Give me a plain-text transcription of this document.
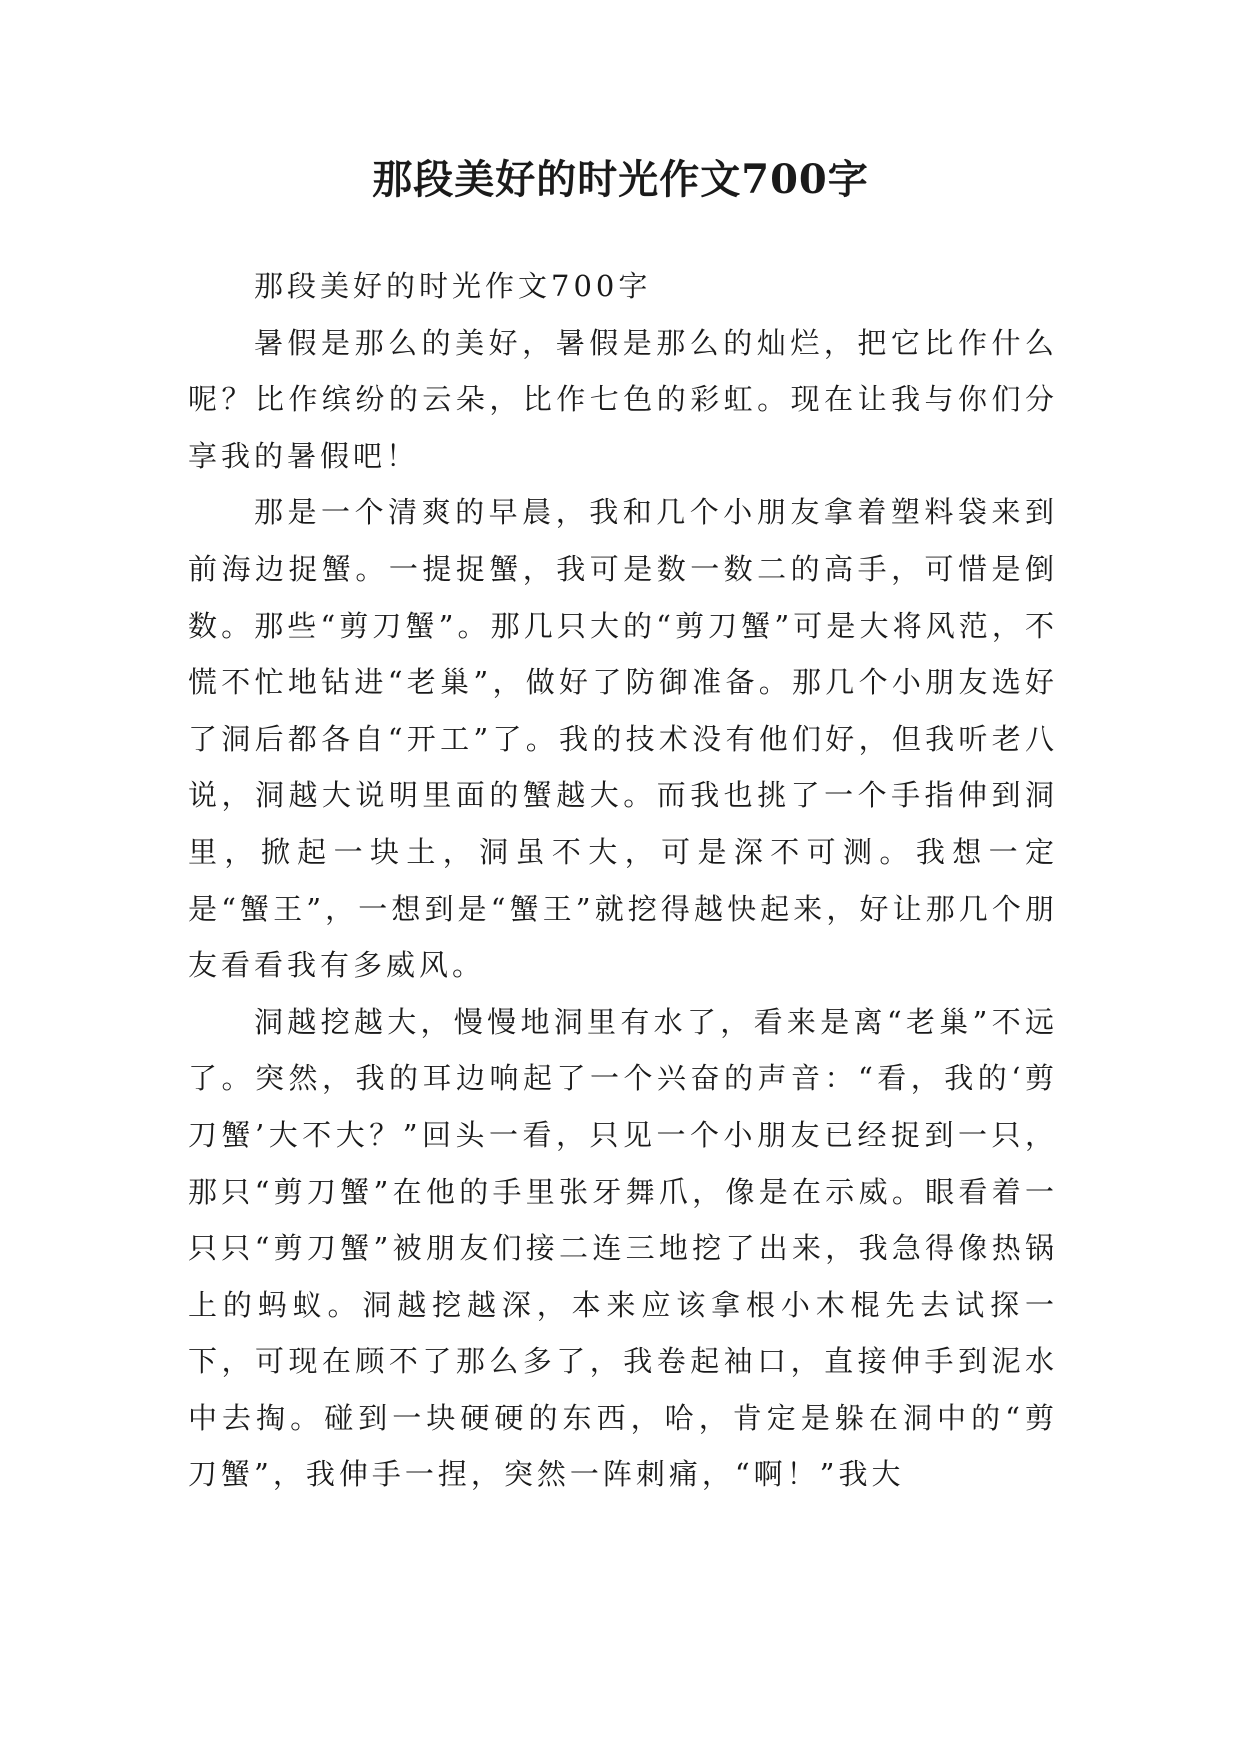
那段美好的时光作文700字

那段美好的时光作文700字

暑假是那么的美好，暑假是那么的灿烂，把它比作什么呢？比作缤纷的云朵，比作七色的彩虹。现在让我与你们分享我的暑假吧！

那是一个清爽的早晨，我和几个小朋友拿着塑料袋来到前海边捉蟹。一提捉蟹，我可是数一数二的高手，可惜是倒数。那些“剪刀蟹”。那几只大的“剪刀蟹”可是大将风范，不慌不忙地钻进“老巢”，做好了防御准备。那几个小朋友选好了洞后都各自“开工”了。我的技术没有他们好，但我听老八说，洞越大说明里面的蟹越大。而我也挑了一个手指伸到洞里，掀起一块土，洞虽不大，可是深不可测。我想一定是“蟹王”，一想到是“蟹王”就挖得越快起来，好让那几个朋友看看我有多威风。

洞越挖越大，慢慢地洞里有水了，看来是离“老巢”不远了。突然，我的耳边响起了一个兴奋的声音：“看，我的‘剪刀蟹’大不大？”回头一看，只见一个小朋友已经捉到一只，那只“剪刀蟹”在他的手里张牙舞爪，像是在示威。眼看着一只只“剪刀蟹”被朋友们接二连三地挖了出来，我急得像热锅上的蚂蚁。洞越挖越深，本来应该拿根小木棍先去试探一下，可现在顾不了那么多了，我卷起袖口，直接伸手到泥水中去掏。碰到一块硬硬的东西，哈，肯定是躲在洞中的“剪刀蟹”，我伸手一捏，突然一阵刺痛，“啊！”我大
